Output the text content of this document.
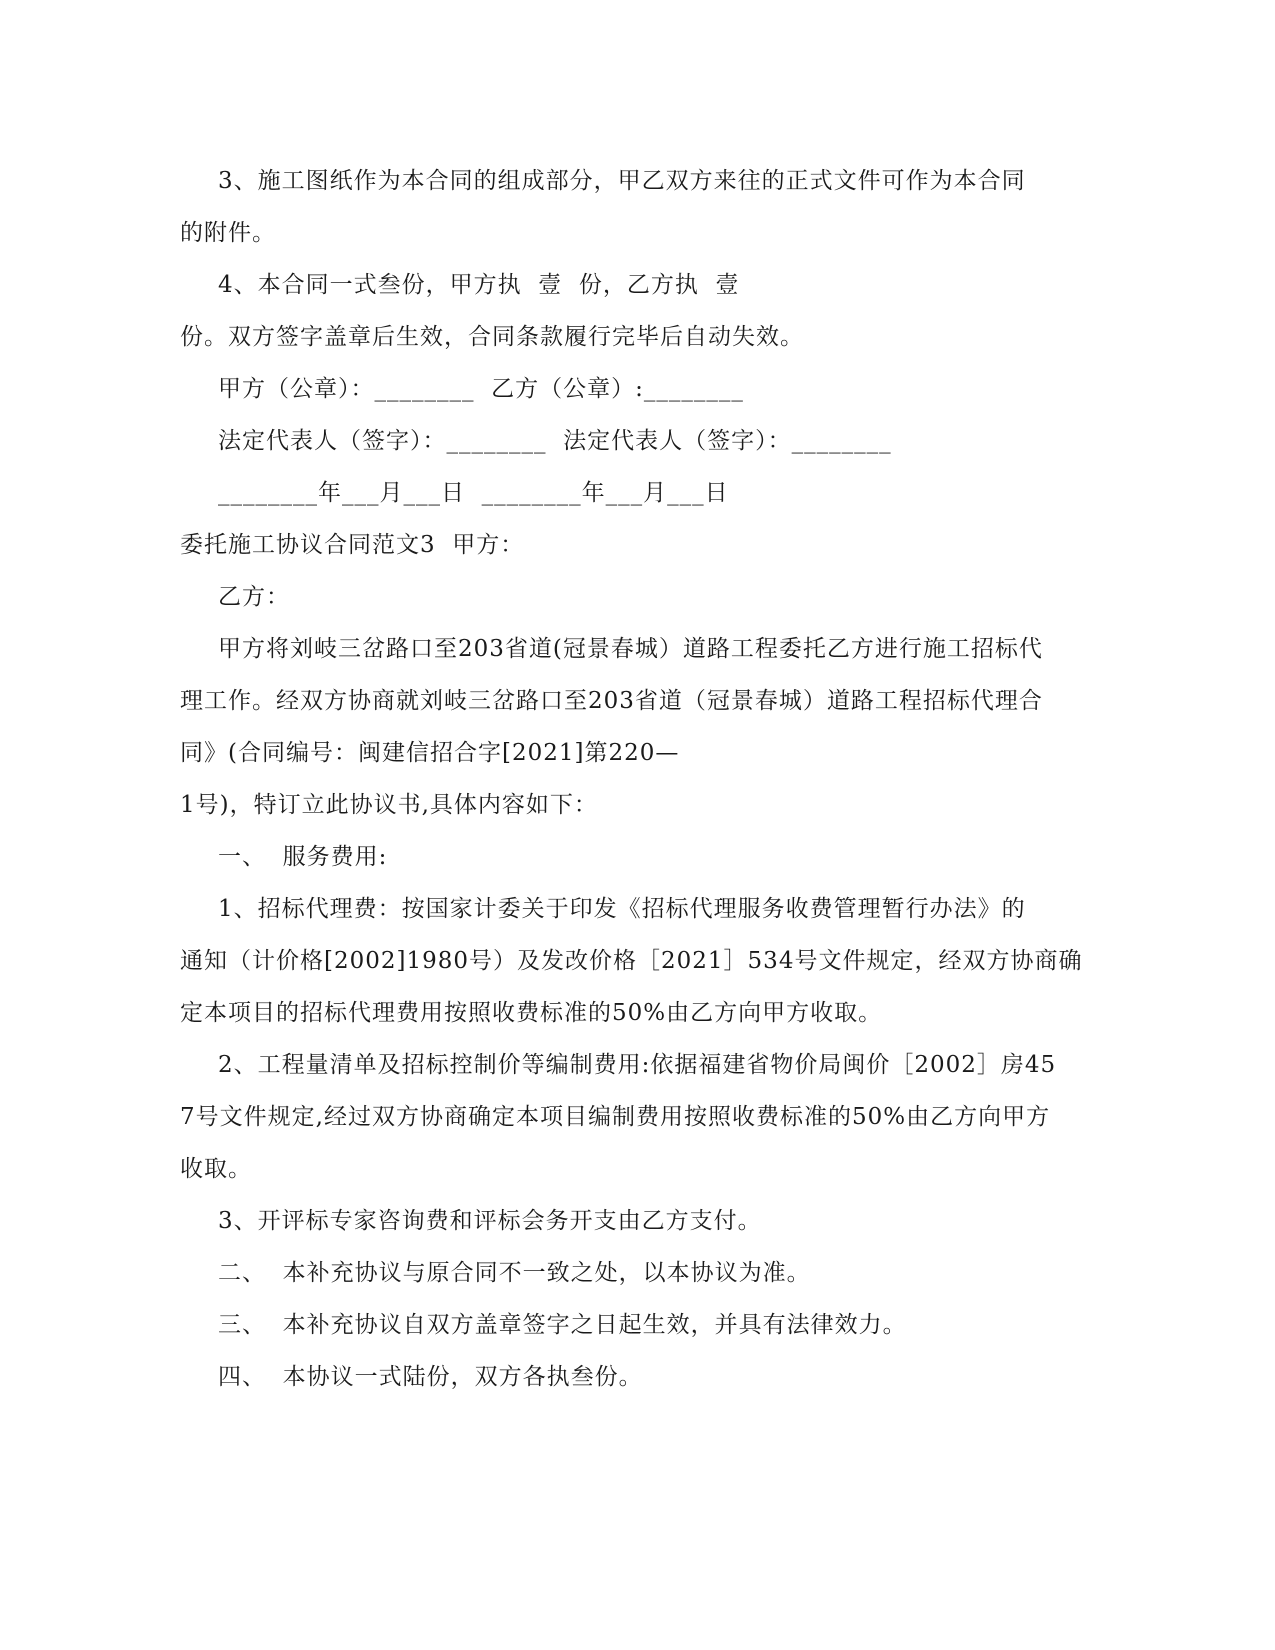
3、施工图纸作为本合同的组成部分，甲乙双方来往的正式文件可作为本合同
的附件。
4、本合同一式叁份，甲方执  壹  份，乙方执  壹
份。双方签字盖章后生效，合同条款履行完毕后自动失效。
甲方（公章）：________  乙方（公章）:________
法定代表人（签字）：________  法定代表人（签字）：________
________年___月___日  ________年___月___日
委托施工协议合同范文3  甲方：
乙方：
甲方将刘岐三岔路口至203省道(冠景春城）道路工程委托乙方进行施工招标代
理工作。经双方协商就刘岐三岔路口至203省道（冠景春城）道路工程招标代理合
同》(合同编号：闽建信招合字[2021]第220—
1号)，特订立此协议书,具体内容如下：
一、  服务费用:
1、招标代理费：按国家计委关于印发《招标代理服务收费管理暂行办法》的
通知（计价格[2002]1980号）及发改价格［2021］534号文件规定，经双方协商确
定本项目的招标代理费用按照收费标准的50%由乙方向甲方收取。
2、工程量清单及招标控制价等编制费用:依据福建省物价局闽价［2002］房45
7号文件规定,经过双方协商确定本项目编制费用按照收费标准的50%由乙方向甲方
收取。
3、开评标专家咨询费和评标会务开支由乙方支付。
二、  本补充协议与原合同不一致之处，以本协议为准。
三、  本补充协议自双方盖章签字之日起生效，并具有法律效力。
四、  本协议一式陆份，双方各执叁份。
